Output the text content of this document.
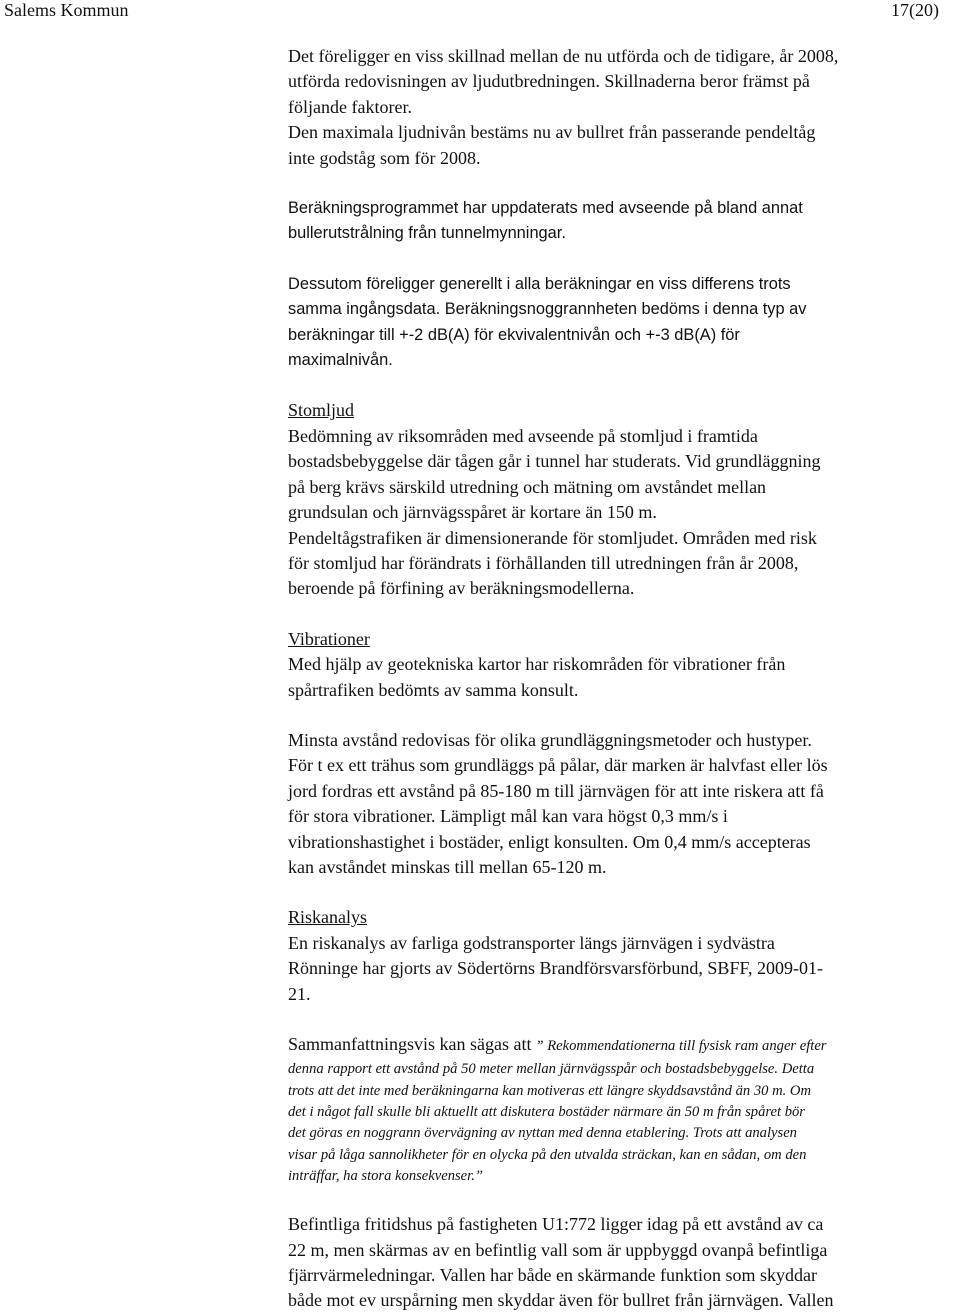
Salems Kommun	17(20)
Det föreligger en viss skillnad mellan de nu utförda och de tidigare, år 2008,
utförda redovisningen av ljudutbredningen. Skillnaderna beror främst på
följande faktorer.
Den maximala ljudnivån bestäms nu av bullret från passerande pendeltåg
inte godståg som för 2008.
Beräkningsprogrammet har uppdaterats med avseende på bland annat
bullerutstrålning från tunnelmynningar.
Dessutom föreligger generellt i alla beräkningar en viss differens trots
samma ingångsdata. Beräkningsnoggrannheten bedöms i denna typ av
beräkningar till +-2 dB(A) för ekvivalentnivån och +-3 dB(A) för
maximalnivån.
Stomljud
Bedömning av riksområden med avseende på stomljud i framtida
bostadsbebyggelse där tågen går i tunnel har studerats. Vid grundläggning
på berg krävs särskild utredning och mätning om avståndet mellan
grundsulan och järnvägsspåret är kortare än 150 m.
Pendeltågstrafiken är dimensionerande för stomljudet. Områden med risk
för stomljud har förändrats i förhållanden till utredningen från år 2008,
beroende på förfining av beräkningsmodellerna.
Vibrationer
Med hjälp av geotekniska kartor har riskområden för vibrationer från
spårtrafiken bedömts av samma konsult.
Minsta avstånd redovisas för olika grundläggningsmetoder och hustyper.
För t ex ett trähus som grundläggs på pålar, där marken är halvfast eller lös
jord fordras ett avstånd på 85-180 m till järnvägen för att inte riskera att få
för stora vibrationer. Lämpligt mål kan vara högst 0,3 mm/s i
vibrationshastighet i bostäder, enligt konsulten. Om 0,4 mm/s accepteras
kan avståndet minskas till mellan 65-120 m.
Riskanalys
En riskanalys av farliga godstransporter längs järnvägen i sydvästra
Rönninge har gjorts av Södertörns Brandförsvarsförbund, SBFF, 2009-01-
21.
Sammanfattningsvis kan sägas att ” Rekommendationerna till fysisk ram anger efter
denna rapport ett avstånd på 50 meter mellan järnvägsspår och bostadsbebyggelse. Detta
trots att det inte med beräkningarna kan motiveras ett längre skyddsavstånd än 30 m. Om
det i något fall skulle bli aktuellt att diskutera bostäder närmare än 50 m från spåret bör
det göras en noggrann övervägning av nyttan med denna etablering. Trots att analysen
visar på låga sannolikheter för en olycka på den utvalda sträckan, kan en sådan, om den
inträffar, ha stora konsekvenser.”
Befintliga fritidshus på fastigheten U1:772 ligger idag på ett avstånd av ca
22 m, men skärmas av en befintlig vall som är uppbyggd ovanpå befintliga
fjärrvärmeledningar. Vallen har både en skärmande funktion som skyddar
både mot ev urspårning men skyddar även för bullret från järnvägen. Vallen
